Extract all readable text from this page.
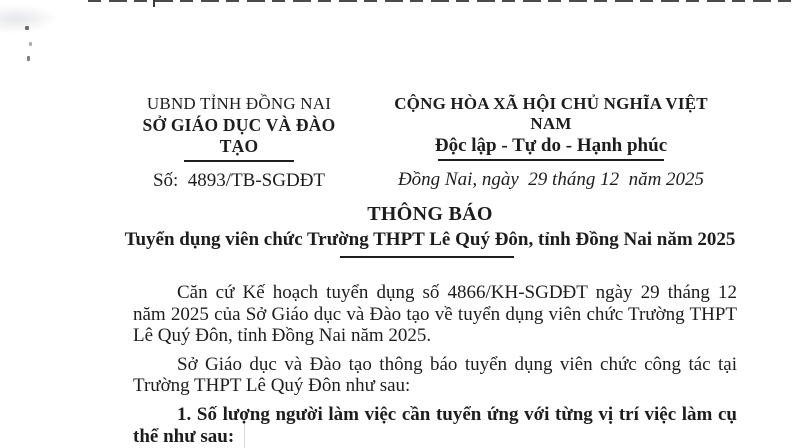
UBND TỈNH ĐỒNG NAI
SỞ GIÁO DỤC VÀ ĐÀO TẠO
Số:  4893/TB-SGDĐT
CỘNG HÒA XÃ HỘI CHỦ NGHĨA VIỆT NAM
Độc lập - Tự do - Hạnh phúc
Đồng Nai, ngày  29 tháng 12  năm 2025
THÔNG BÁO
Tuyển dụng viên chức Trường THPT Lê Quý Đôn, tỉnh Đồng Nai năm 2025

Căn cứ Kế hoạch tuyển dụng số 4866/KH-SGDĐT ngày 29 tháng 12 năm 2025 của Sở Giáo dục và Đào tạo về tuyển dụng viên chức Trường THPT Lê Quý Đôn, tỉnh Đồng Nai năm 2025.

Sở Giáo dục và Đào tạo thông báo tuyển dụng viên chức công tác tại Trường THPT Lê Quý Đôn như sau:

1. Số lượng người làm việc cần tuyển ứng với từng vị trí việc làm cụ thể như sau:
